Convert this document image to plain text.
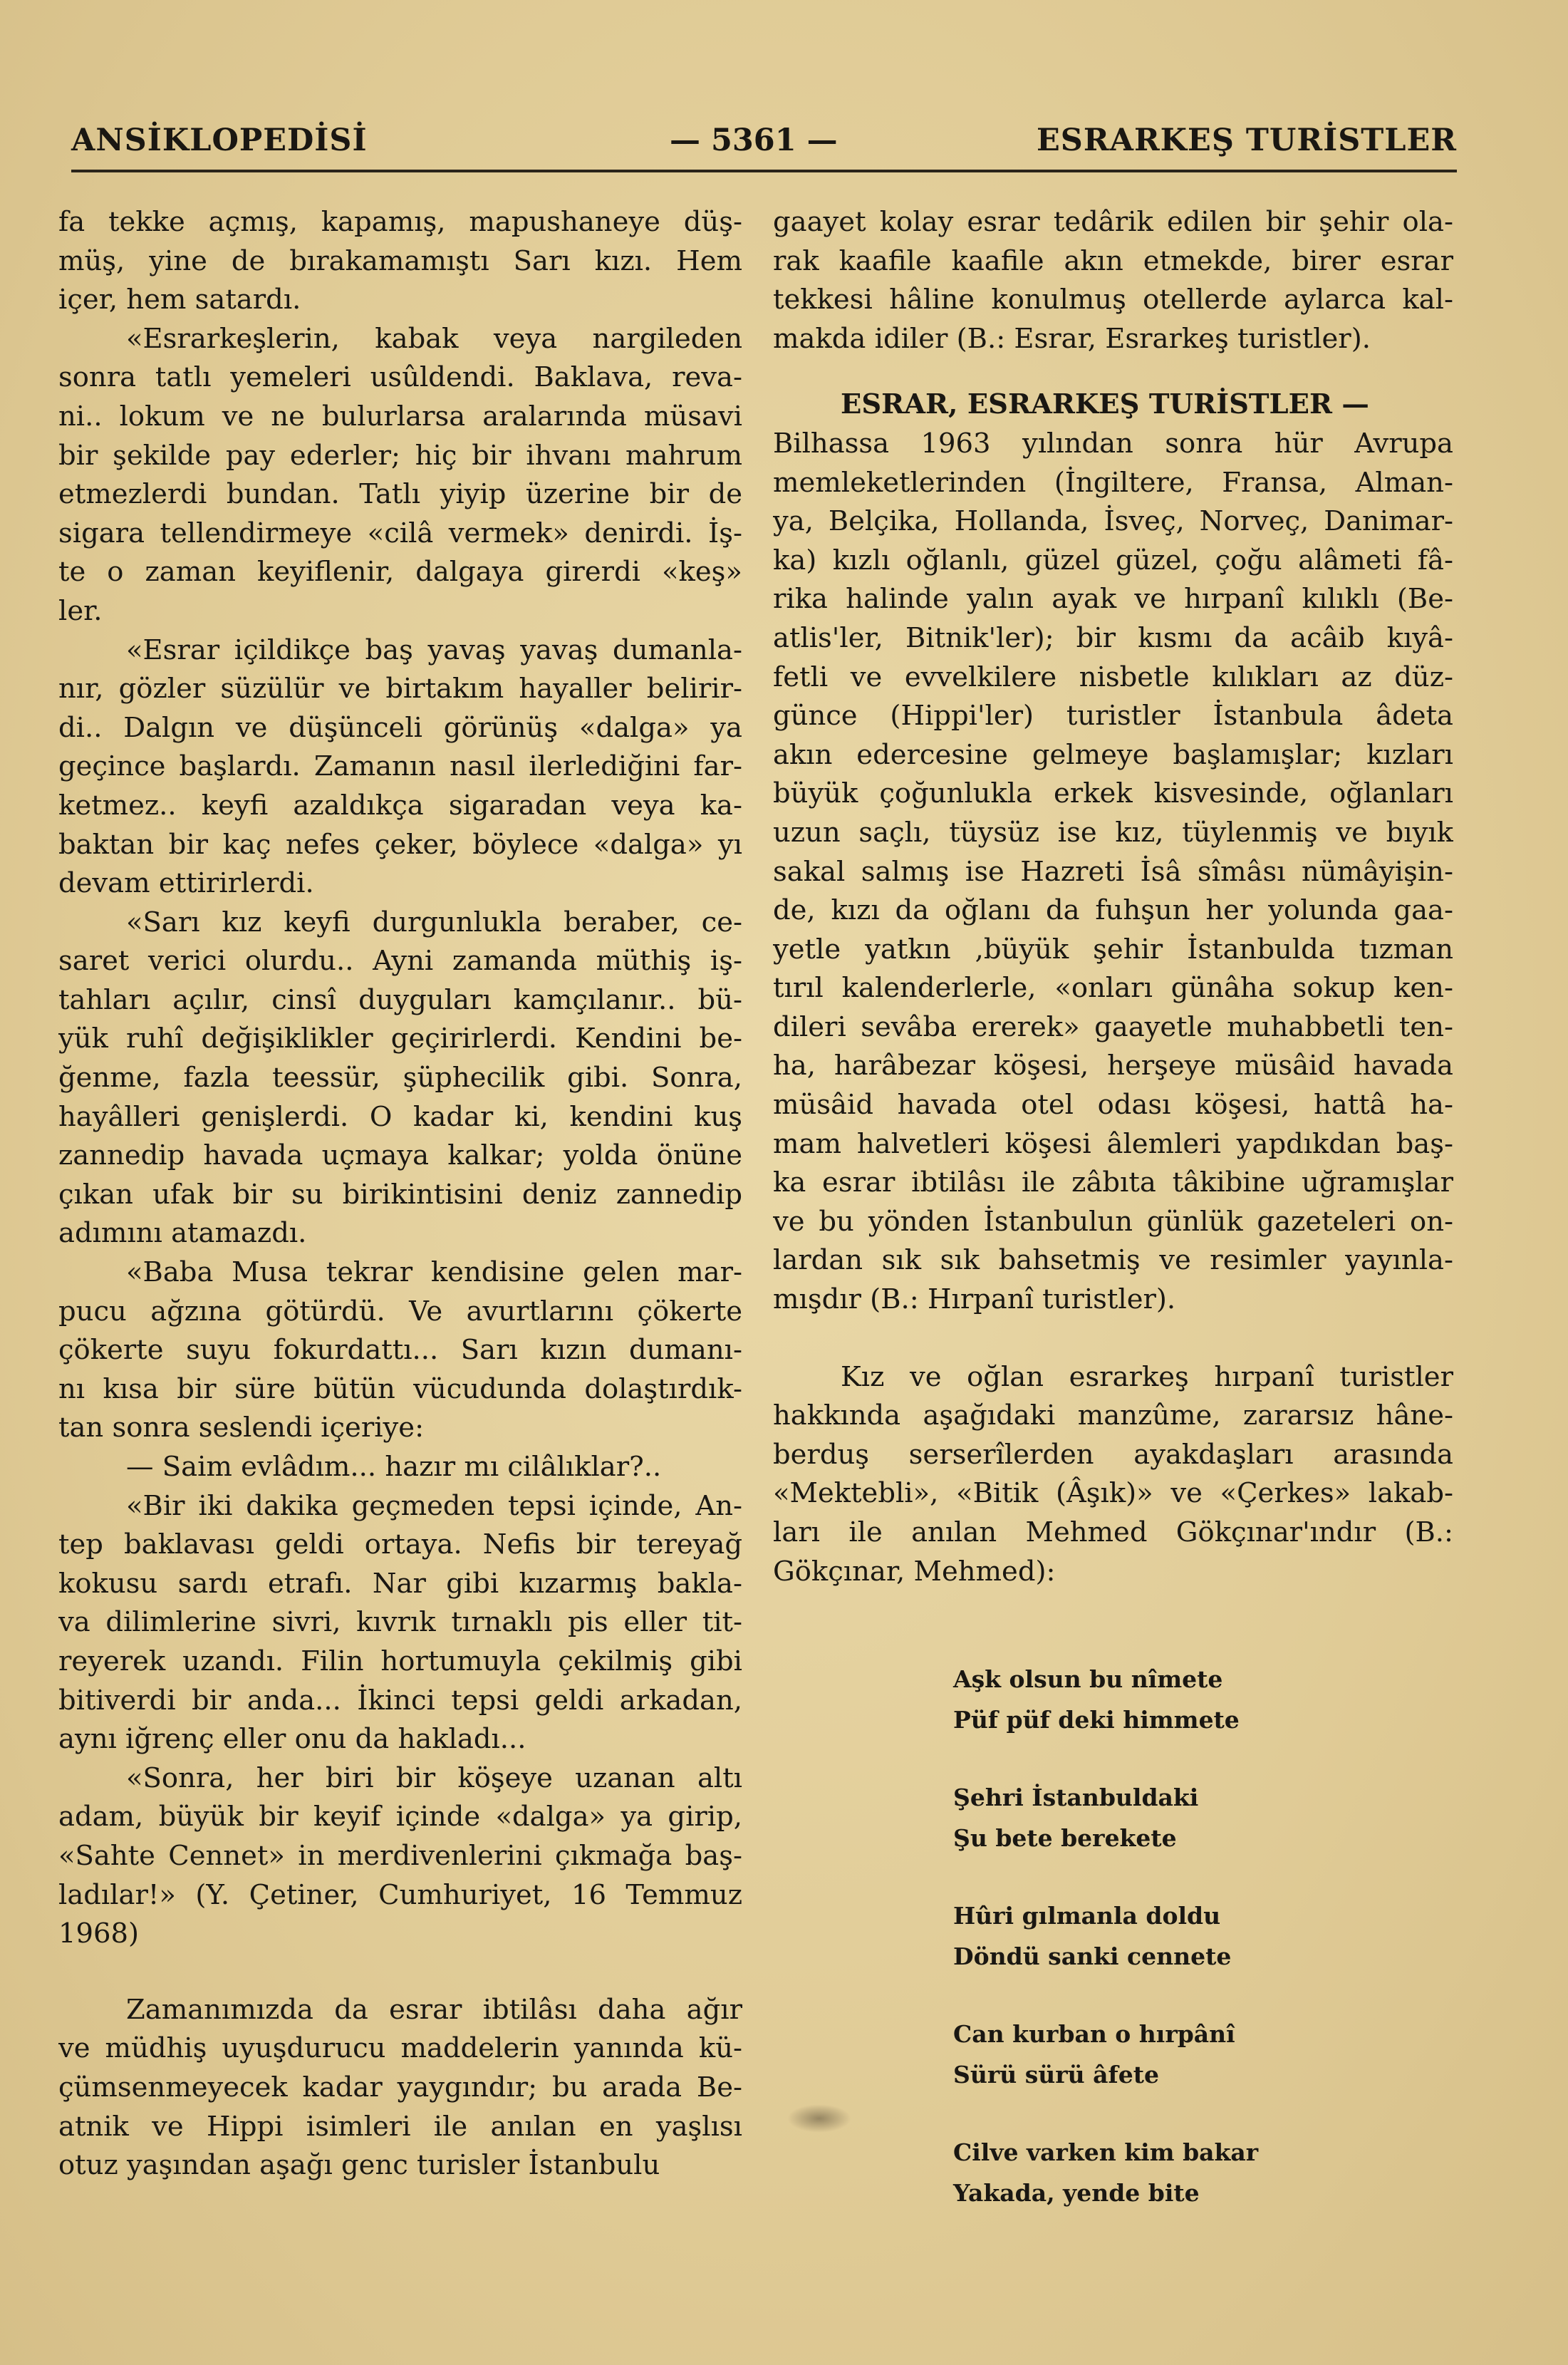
ANSİKLOPEDİSİ	— 5361 —	ESRARKEŞ TURİSTLER
fa tekke açmış, kapamış, mapushaneye düş-
müş, yine de bırakamamıştı Sarı kızı. Hem
içer, hem satardı.
«Esrarkeşlerin, kabak veya nargileden
sonra tatlı yemeleri usûldendi. Baklava, reva-
ni.. lokum ve ne bulurlarsa aralarında müsavi
bir şekilde pay ederler; hiç bir ihvanı mahrum
etmezlerdi bundan. Tatlı yiyip üzerine bir de
sigara tellendirmeye «cilâ vermek» denirdi. İş-
te o zaman keyiflenir, dalgaya girerdi «keş»
ler.
«Esrar içildikçe baş yavaş yavaş dumanla-
nır, gözler süzülür ve birtakım hayaller belirir-
di.. Dalgın ve düşünceli görünüş «dalga» ya
geçince başlardı. Zamanın nasıl ilerlediğini far-
ketmez.. keyfi azaldıkça sigaradan veya ka-
baktan bir kaç nefes çeker, böylece «dalga» yı
devam ettirirlerdi.
«Sarı kız keyfi durgunlukla beraber, ce-
saret verici olurdu.. Ayni zamanda müthiş iş-
tahları açılır, cinsî duyguları kamçılanır.. bü-
yük ruhî değişiklikler geçirirlerdi. Kendini be-
ğenme, fazla teessür, şüphecilik gibi. Sonra,
hayâlleri genişlerdi. O kadar ki, kendini kuş
zannedip havada uçmaya kalkar; yolda önüne
çıkan ufak bir su birikintisini deniz zannedip
adımını atamazdı.
«Baba Musa tekrar kendisine gelen mar-
pucu ağzına götürdü. Ve avurtlarını çökerte
çökerte suyu fokurdattı... Sarı kızın dumanı-
nı kısa bir süre bütün vücudunda dolaştırdık-
tan sonra seslendi içeriye:
— Saim evlâdım... hazır mı cilâlıklar?..
«Bir iki dakika geçmeden tepsi içinde, An-
tep baklavası geldi ortaya. Nefis bir tereyağ
kokusu sardı etrafı. Nar gibi kızarmış bakla-
va dilimlerine sivri, kıvrık tırnaklı pis eller tit-
reyerek uzandı. Filin hortumuyla çekilmiş gibi
bitiverdi bir anda... İkinci tepsi geldi arkadan,
aynı iğrenç eller onu da hakladı...
«Sonra, her biri bir köşeye uzanan altı
adam, büyük bir keyif içinde «dalga» ya girip,
«Sahte Cennet» in merdivenlerini çıkmağa baş-
ladılar!» (Y. Çetiner, Cumhuriyet, 16 Temmuz
1968)
Zamanımızda da esrar ibtilâsı daha ağır
ve müdhiş uyuşdurucu maddelerin yanında kü-
çümsenmeyecek kadar yaygındır; bu arada Be-
atnik ve Hippi isimleri ile anılan en yaşlısı
otuz yaşından aşağı genc turisler İstanbulu
gaayet kolay esrar tedârik edilen bir şehir ola-
rak kaafile kaafile akın etmekde, birer esrar
tekkesi hâline konulmuş otellerde aylarca kal-
makda idiler (B.: Esrar, Esrarkeş turistler).
ESRAR, ESRARKEŞ TURİSTLER —
Bilhassa 1963 yılından sonra hür Avrupa
memleketlerinden (İngiltere, Fransa, Alman-
ya, Belçika, Hollanda, İsveç, Norveç, Danimar-
ka) kızlı oğlanlı, güzel güzel, çoğu alâmeti fâ-
rika halinde yalın ayak ve hırpanî kılıklı (Be-
atlis'ler, Bitnik'ler); bir kısmı da acâib kıyâ-
fetli ve evvelkilere nisbetle kılıkları az düz-
günce (Hippi'ler) turistler İstanbula âdeta
akın edercesine gelmeye başlamışlar; kızları
büyük çoğunlukla erkek kisvesinde, oğlanları
uzun saçlı, tüysüz ise kız, tüylenmiş ve bıyık
sakal salmış ise Hazreti İsâ sîmâsı nümâyişin-
de, kızı da oğlanı da fuhşun her yolunda gaa-
yetle yatkın ,büyük şehir İstanbulda tızman
tırıl kalenderlerle, «onları günâha sokup ken-
dileri sevâba ererek» gaayetle muhabbetli ten-
ha, harâbezar köşesi, herşeye müsâid havada
müsâid havada otel odası köşesi, hattâ ha-
mam halvetleri köşesi âlemleri yapdıkdan baş-
ka esrar ibtilâsı ile zâbıta tâkibine uğramışlar
ve bu yönden İstanbulun günlük gazeteleri on-
lardan sık sık bahsetmiş ve resimler yayınla-
mışdır (B.: Hırpanî turistler).
Kız ve oğlan esrarkeş hırpanî turistler
hakkında aşağıdaki manzûme, zararsız hâne-
berduş serserîlerden ayakdaşları arasında
«Mektebli», «Bitik (Âşık)» ve «Çerkes» lakab-
ları ile anılan Mehmed Gökçınar'ındır (B.:
Gökçınar, Mehmed):
Aşk olsun bu nîmete
Püf püf deki himmete
Şehri İstanbuldaki
Şu bete berekete
Hûri gılmanla doldu
Döndü sanki cennete
Can kurban o hırpânî
Sürü sürü âfete
Cilve varken kim bakar
Yakada, yende bite
